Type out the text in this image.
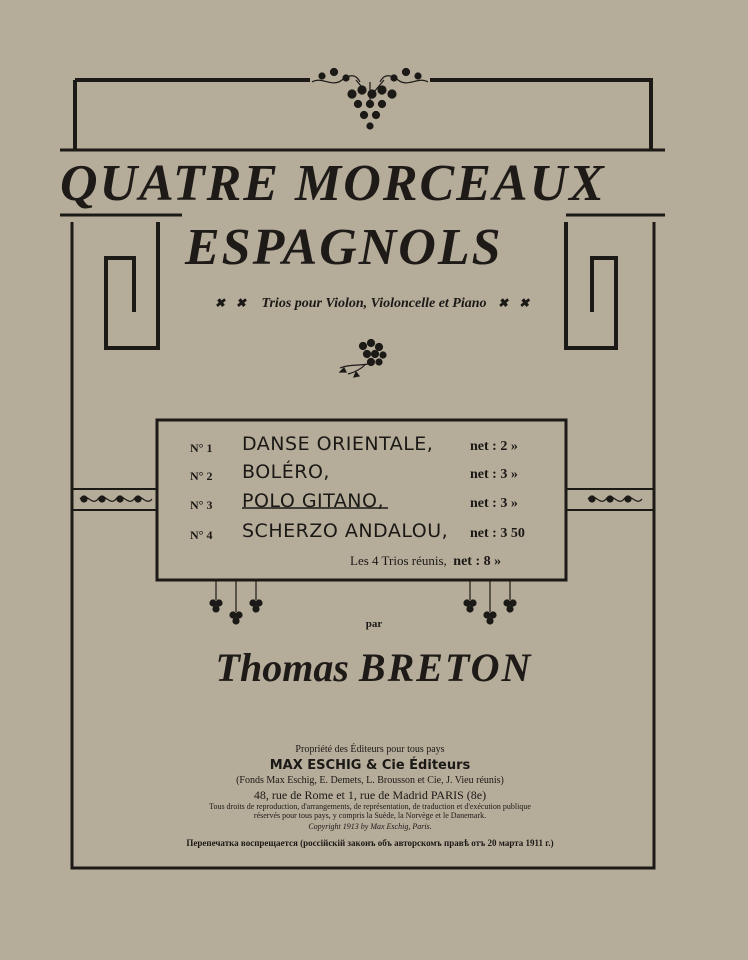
QUATRE MORCEAUX
ESPAGNOLS
✖ ✖ Trios pour Violon, Violoncelle et Piano ✖ ✖
N° 1 DANSE ORIENTALE,	net : 2 »
N° 2 BOLÉRO,	net : 3 »
N° 3 POLO GITANO,	net : 3 »
N° 4 SCHERZO ANDALOU, net : 3 50
Les 4 Trios réunis, net : 8 »
par
Thomas BRETON
Propriété des Éditeurs pour tous pays
MAX ESCHIG & Cie Éditeurs
(Fonds Max Eschig, E. Demets, L. Brousson et Cie, J. Vieu réunis)
48, rue de Rome et 1, rue de Madrid PARIS (8e)
Tous droits de reproduction, d'arrangements, de représentation, de traduction et d'exécution publique
réservés pour tous pays, y compris la Suède, la Norvège et le Danemark.
Copyright 1913 by Max Eschig, Paris.
Перепечатка воспрещается (россійскій законъ объ авторскомъ правѣ отъ 20 марта 1911 г.)
